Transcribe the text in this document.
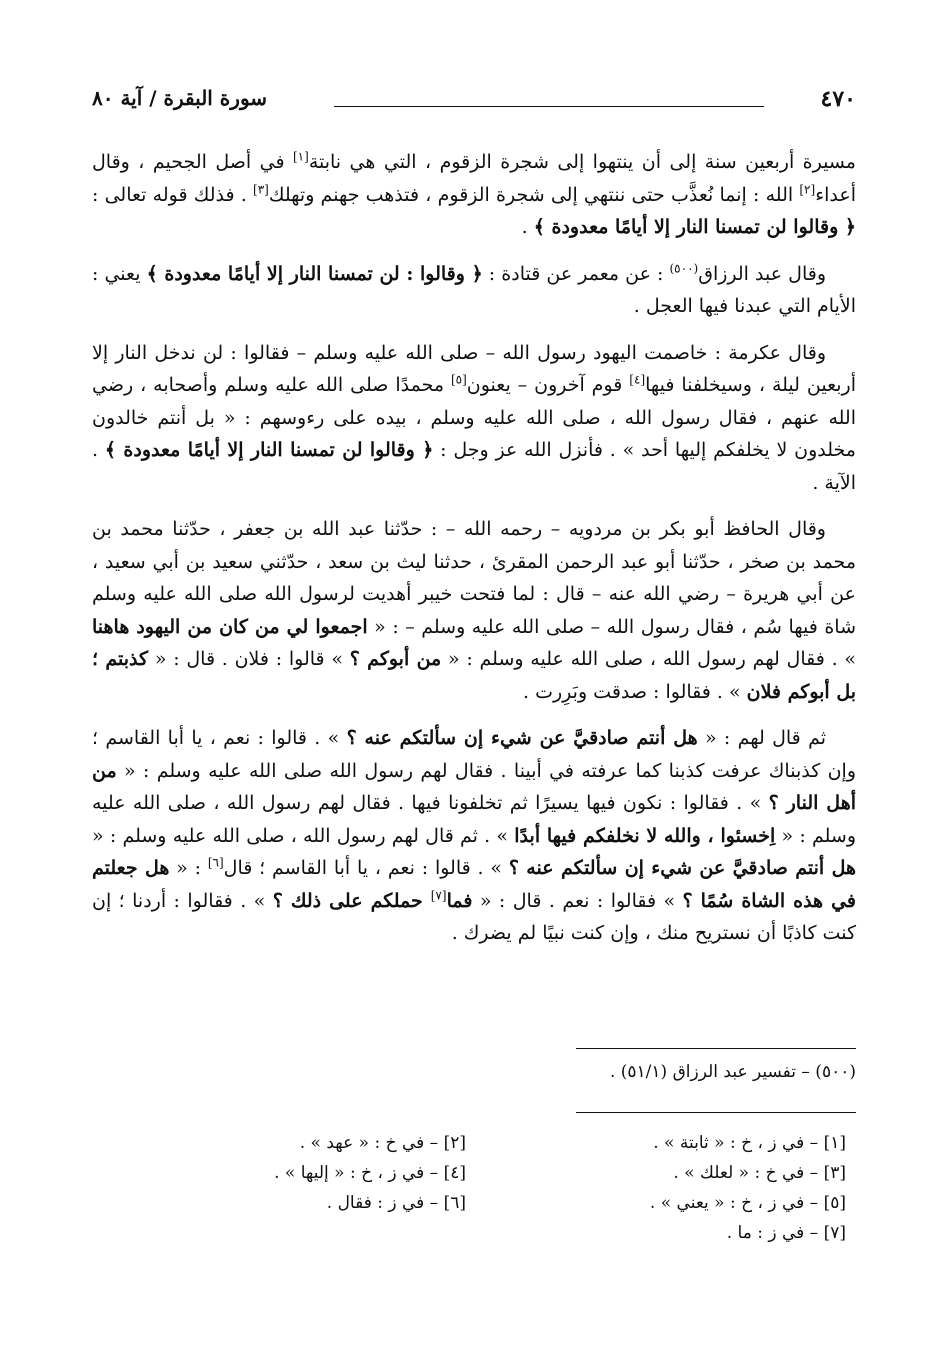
٤٧٠
سورة البقرة / آية ٨٠

مسيرة أربعين سنة إلى أن ينتهوا إلى شجرة الزقوم ، التي هي نابتة[١] في أصل الجحيم ، وقال أعداء[٢] الله : إنما نُعذَّب حتى ننتهي إلى شجرة الزقوم ، فتذهب جهنم وتهلك[٣] . فذلك قوله تعالى : ﴿ وقالوا لن تمسنا النار إلا أيامًا معدودة ﴾ .

وقال عبد الرزاق$^{(٥٠٠)}$ : عن معمر عن قتادة : ﴿ وقالوا : لن تمسنا النار إلا أيامًا معدودة ﴾ يعني : الأيام التي عبدنا فيها العجل .

وقال عكرمة : خاصمت اليهود رسول الله – صلى الله عليه وسلم – فقالوا : لن ندخل النار إلا أربعين ليلة ، وسيخلفنا فيها[٤] قوم آخرون – يعنون[٥] محمدًا صلى الله عليه وسلم وأصحابه ، رضي الله عنهم ، فقال رسول الله ، صلى الله عليه وسلم ، بيده على رءوسهم : « بل أنتم خالدون مخلدون لا يخلفكم إليها أحد » . فأنزل الله عز وجل : ﴿ وقالوا لن تمسنا النار إلا أيامًا معدودة ﴾ . الآية .

وقال الحافظ أبو بكر بن مردويه – رحمه الله – : حدّثنا عبد الله بن جعفر ، حدّثنا محمد بن محمد بن صخر ، حدّثنا أبو عبد الرحمن المقرئ ، حدثنا ليث بن سعد ، حدّثني سعيد بن أبي سعيد ، عن أبي هريرة – رضي الله عنه – قال : لما فتحت خيبر أهديت لرسول الله صلى الله عليه وسلم شاة فيها سُم ، فقال رسول الله – صلى الله عليه وسلم – : « اجمعوا لي من كان من اليهود هاهنا » . فقال لهم رسول الله ، صلى الله عليه وسلم : « من أبوكم ؟ » قالوا : فلان . قال : « كذبتم ؛ بل أبوكم فلان » . فقالوا : صدقت وبَرِرت .

ثم قال لهم : « هل أنتم صادقيَّ عن شيء إن سألتكم عنه ؟ » . قالوا : نعم ، يا أبا القاسم ؛ وإن كذبناك عرفت كذبنا كما عرفته في أبينا . فقال لهم رسول الله صلى الله عليه وسلم : « من أهل النار ؟ » . فقالوا : نكون فيها يسيرًا ثم تخلفونا فيها . فقال لهم رسول الله ، صلى الله عليه وسلم : « اِخسئوا ، والله لا نخلفكم فيها أبدًا » . ثم قال لهم رسول الله ، صلى الله عليه وسلم : « هل أنتم صادقيَّ عن شيء إن سألتكم عنه ؟ » . قالوا : نعم ، يا أبا القاسم ؛ قال[٦] : « هل جعلتم في هذه الشاة سُمًا ؟ » فقالوا : نعم . قال : « فما[٧] حملكم على ذلك ؟ » . فقالوا : أردنا ؛ إن كنت كاذبًا أن نستريح منك ، وإن كنت نبيًا لم يضرك .

(٥٠٠) – تفسير عبد الرزاق (٥١/١) .
[١] – في ز ، خ : « ثابتة » .
[٣] – في خ : « لعلك » .
[٥] – في ز ، خ : « يعني » .
[٧] – في ز : ما .
[٢] – في خ : « عهد » .
[٤] – في ز ، خ : « إليها » .
[٦] – في ز : فقال .
